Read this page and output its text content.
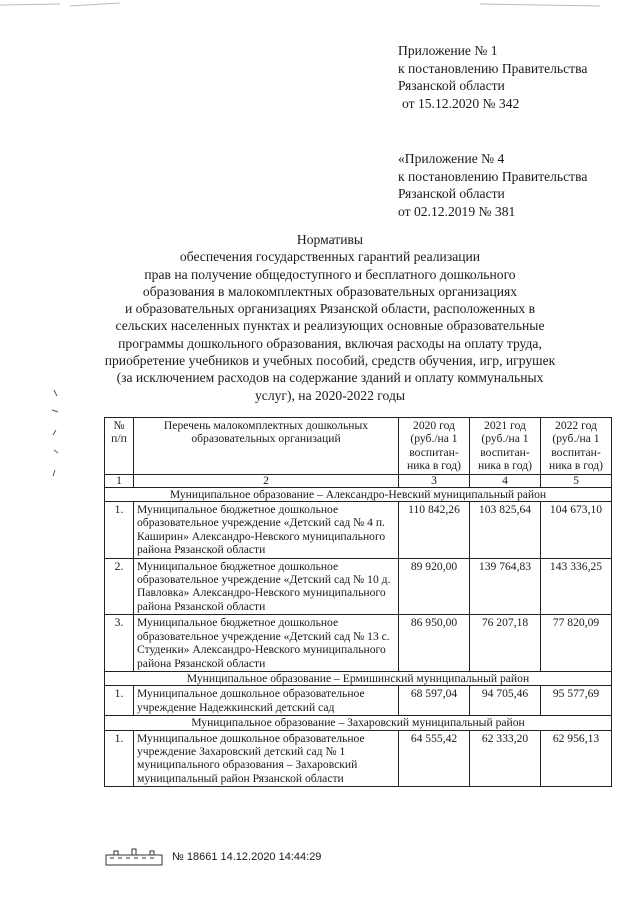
Приложение № 1
к постановлению Правительства
Рязанской области
от 15.12.2020 № 342
«Приложение № 4
к постановлению Правительства
Рязанской области
от 02.12.2019 № 381
Нормативы
обеспечения государственных гарантий реализации
прав на получение общедоступного и бесплатного дошкольного
образования в малокомплектных образовательных организациях
и образовательных организациях Рязанской области, расположенных в
сельских населенных пунктах и реализующих основные образовательные
программы дошкольного образования, включая расходы на оплату труда,
приобретение учебников и учебных пособий, средств обучения, игр, игрушек
(за исключением расходов на содержание зданий и оплату коммунальных
услуг), на 2020-2022 годы
№ п/п	Перечень малокомплектных дошкольных образовательных организаций	2020 год (руб./на 1 воспитан-ника в год)	2021 год (руб./на 1 воспитан-ника в год)	2022 год (руб./на 1 воспитан-ника в год)
1	2	3	4	5
Муниципальное образование – Александро-Невский муниципальный район				
1.	Муниципальное бюджетное дошкольное образовательное учреждение «Детский сад № 4 п. Каширин» Александро-Невского муниципального района Рязанской области	110 842,26	103 825,64	104 673,10
2.	Муниципальное бюджетное дошкольное образовательное учреждение «Детский сад № 10 д. Павловка» Александро-Невского муниципального района Рязанской области	89 920,00	139 764,83	143 336,25
3.	Муниципальное бюджетное дошкольное образовательное учреждение «Детский сад № 13 с. Студенки» Александро-Невского муниципального района Рязанской области	86 950,00	76 207,18	77 820,09
Муниципальное образование – Ермишинский муниципальный район				
1.	Муниципальное дошкольное образовательное учреждение Надежкинский детский сад	68 597,04	94 705,46	95 577,69
Муниципальное образование – Захаровский муниципальный район				
1.	Муниципальное дошкольное образовательное учреждение Захаровский детский сад № 1 муниципального образования – Захаровский муниципальный район Рязанской области	64 555,42	62 333,20	62 956,13
№ 18661 14.12.2020 14:44:29
